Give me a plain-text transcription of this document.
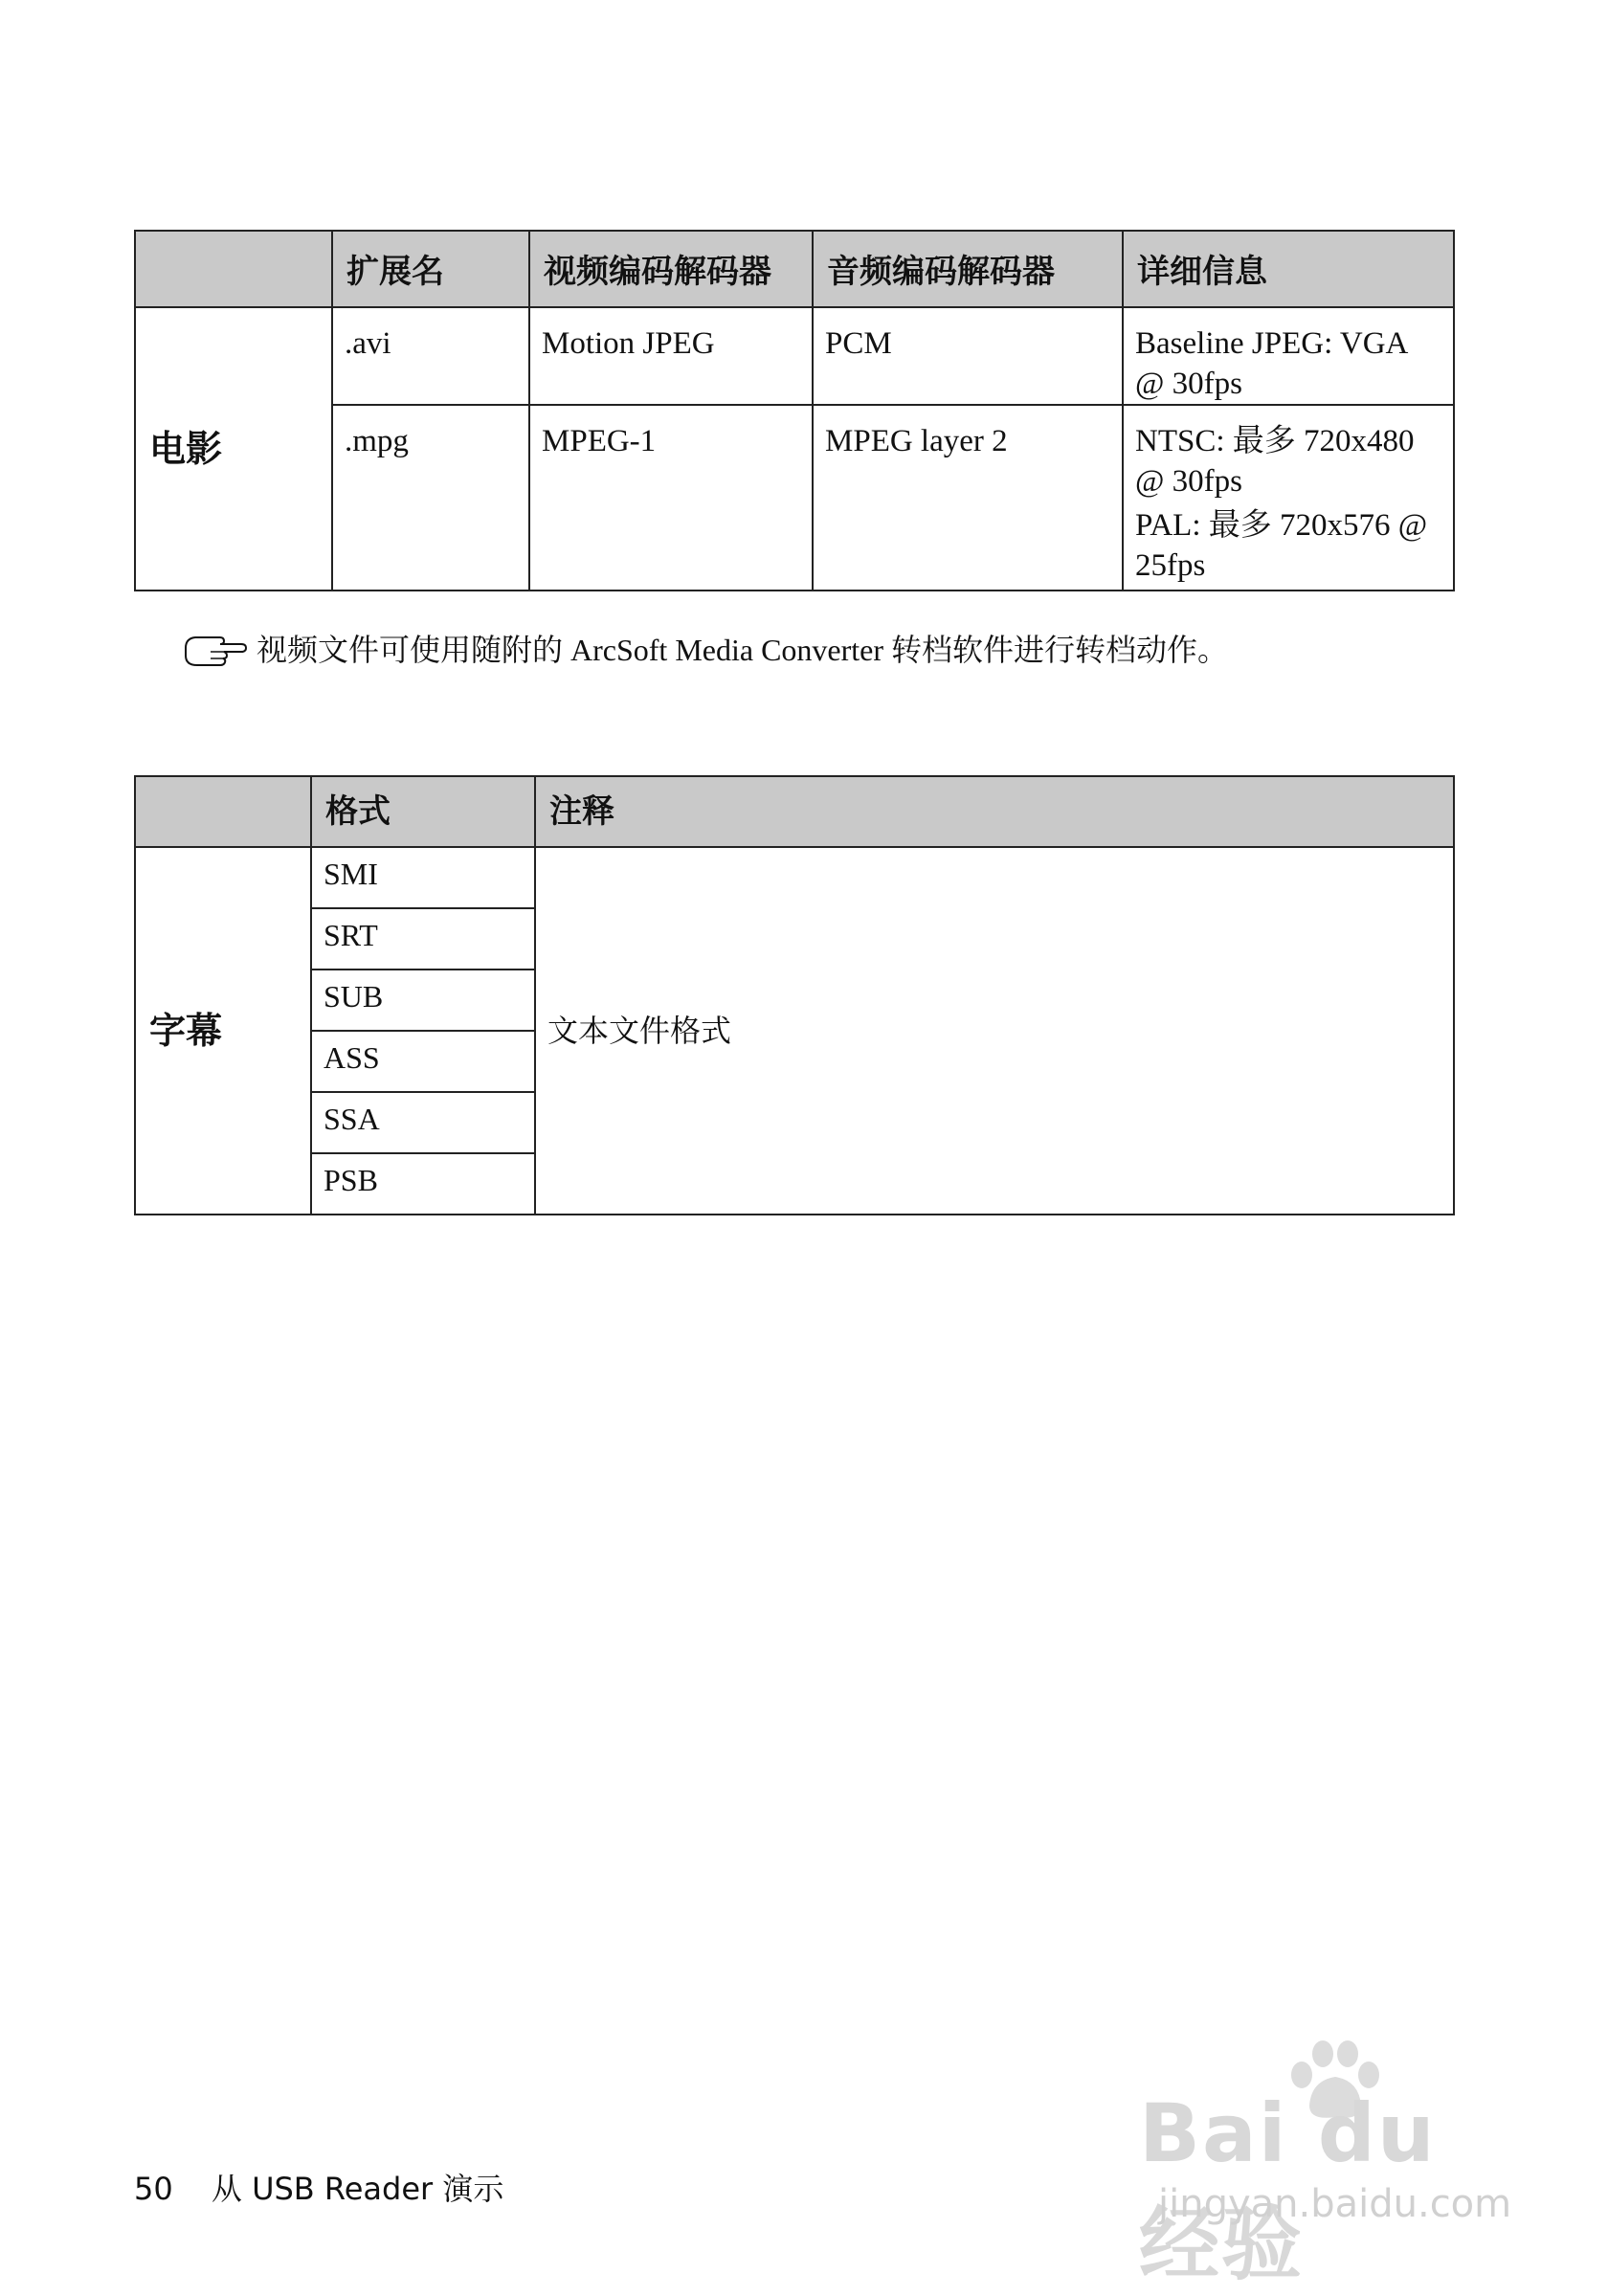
	扩展名	视频编码解码器	音频编码解码器	详细信息
电影	.avi	Motion JPEG	PCM	Baseline JPEG: VGA @ 30fps

	.mpg	MPEG-1	MPEG layer 2	NTSC: 最多 720x480 @ 30fps
PAL: 最多 720x576 @ 25fps
视频文件可使用随附的 ArcSoft Media Converter 转档软件进行转档动作。
	格式	注释
字幕	SMI	文本文件格式
	SRT	
	SUB	
	ASS	
	SSA	
	PSB	
50 从 USB Reader 演示
Bai du 经验
jingyan.baidu.com
